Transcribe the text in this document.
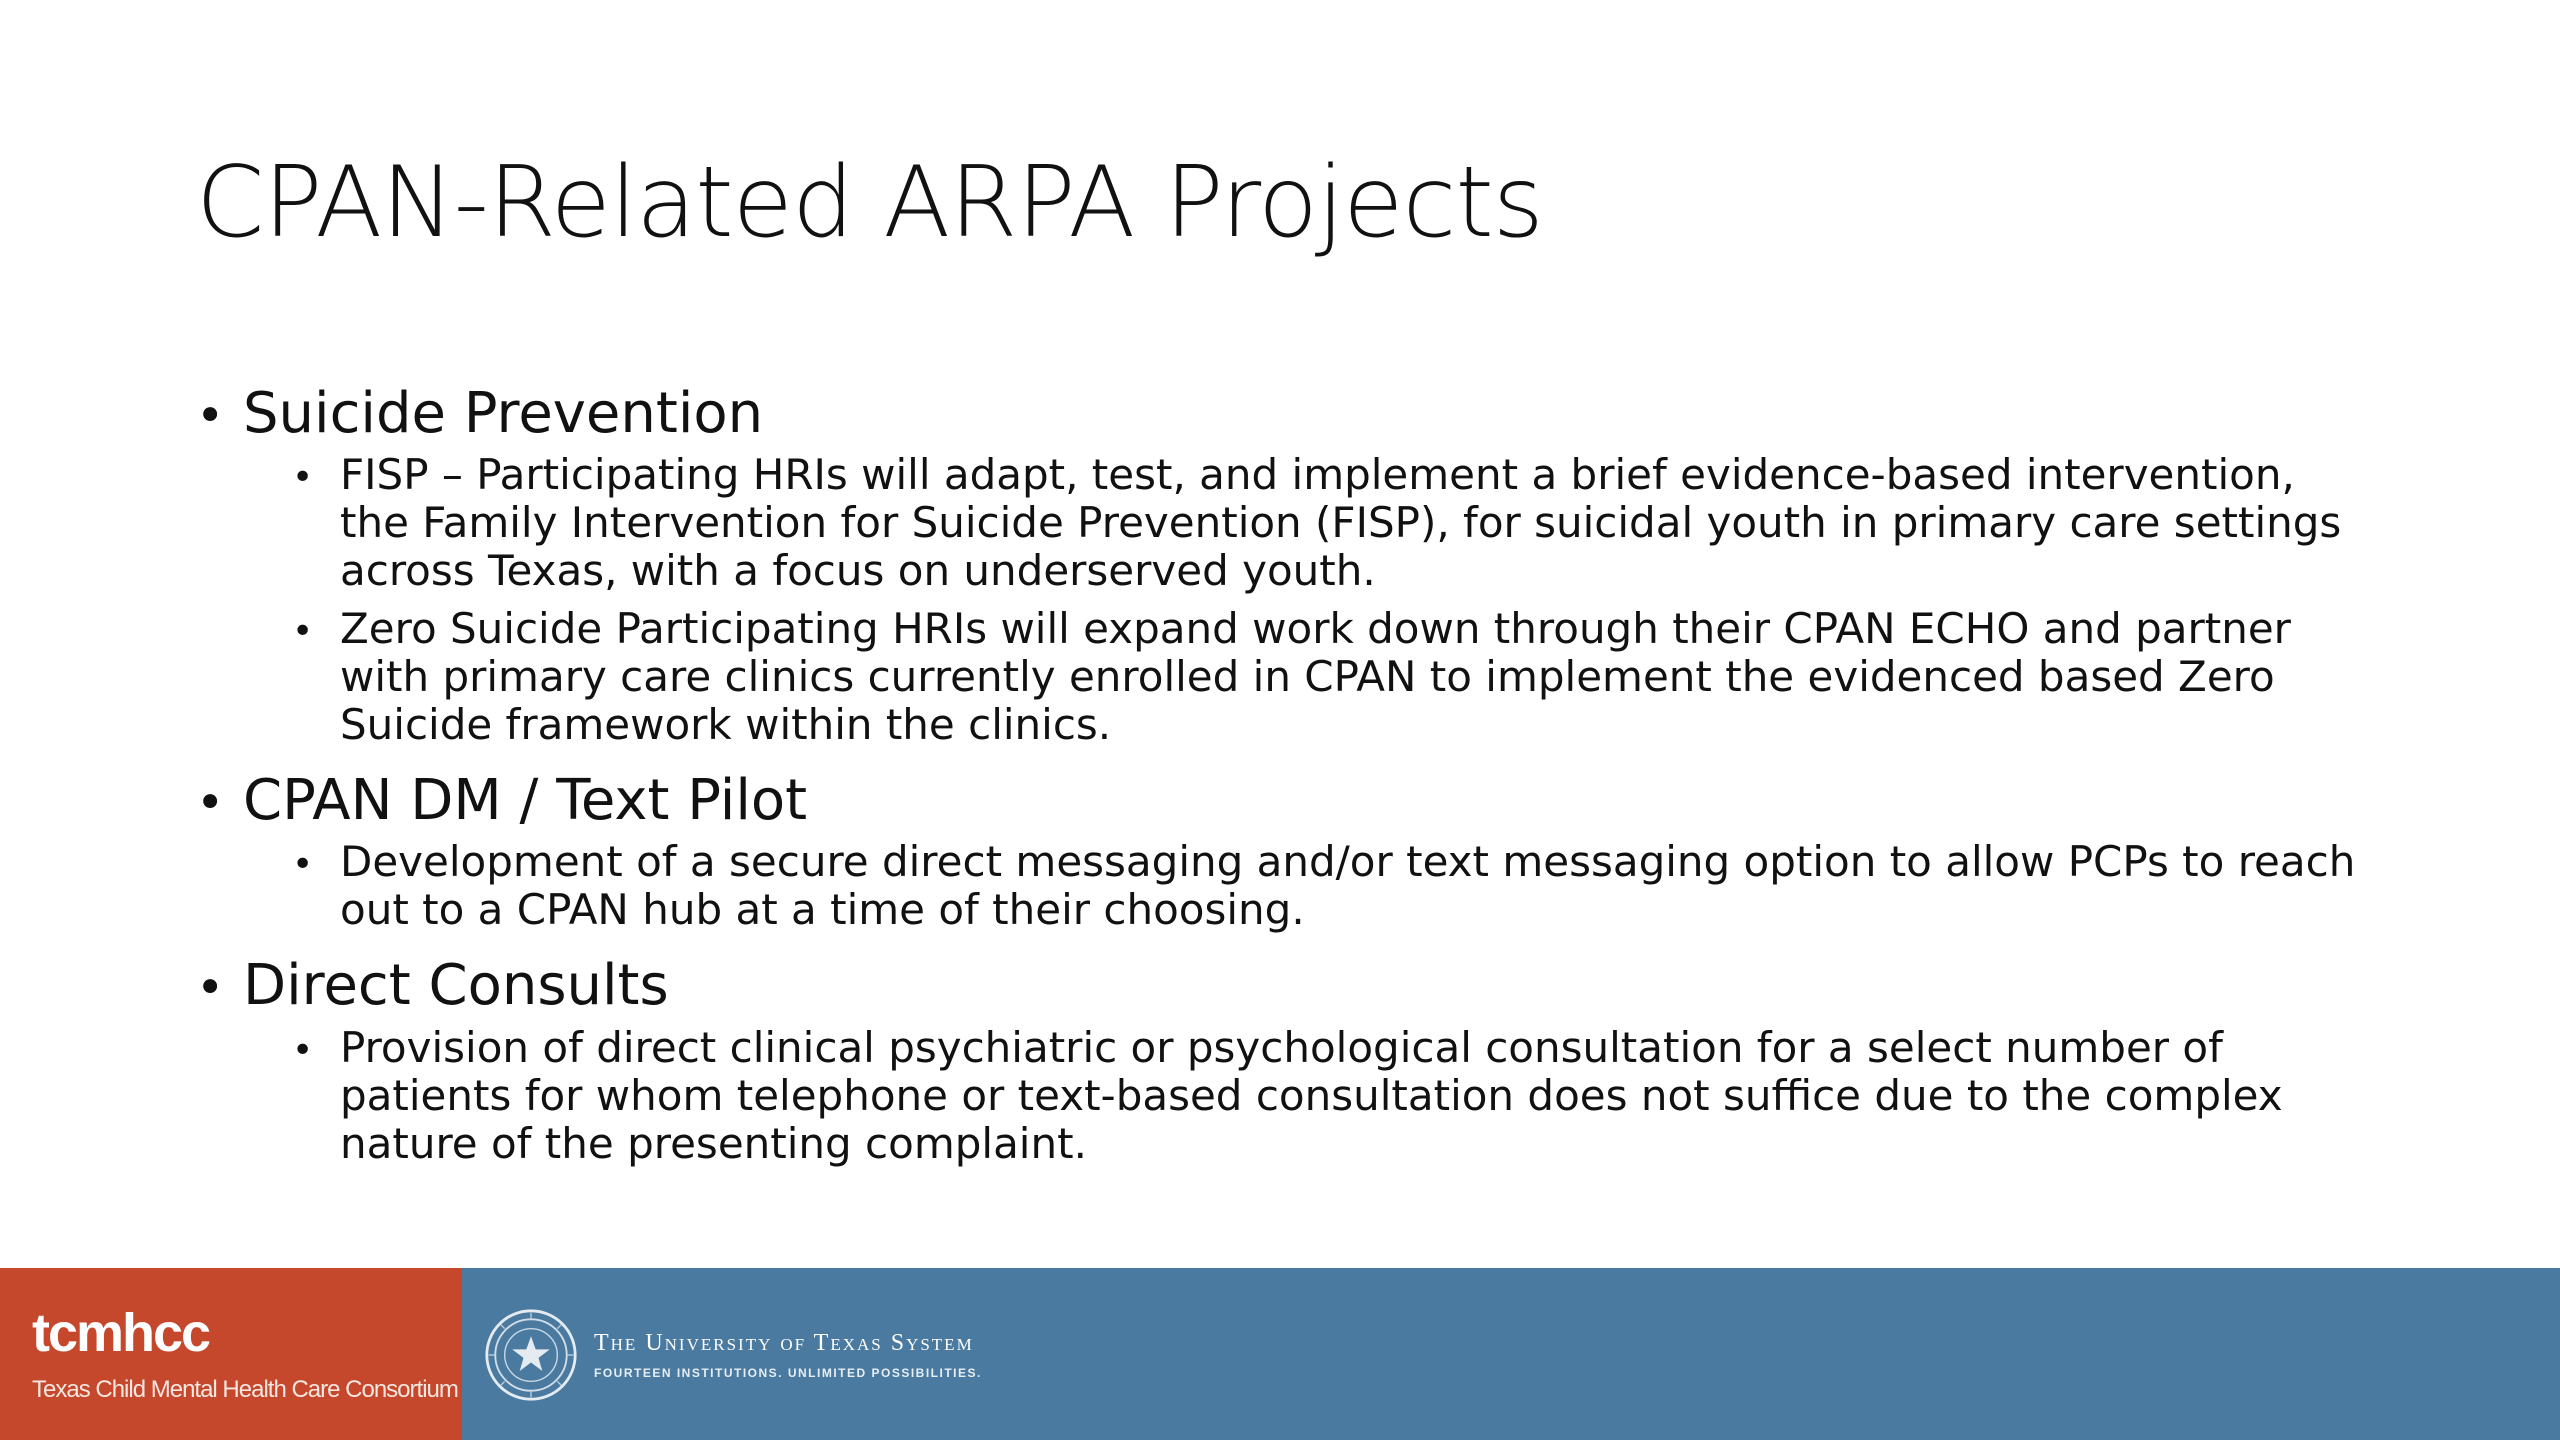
CPAN-Related ARPA Projects
• Suicide Prevention
• FISP – Participating HRIs will adapt, test, and implement a brief evidence-based intervention, the Family Intervention for Suicide Prevention (FISP), for suicidal youth in primary care settings across Texas, with a focus on underserved youth.
• Zero Suicide Participating HRIs will expand work down through their CPAN ECHO and partner with primary care clinics currently enrolled in CPAN to implement the evidenced based Zero Suicide framework within the clinics.
• CPAN DM / Text Pilot
• Development of a secure direct messaging and/or text messaging option to allow PCPs to reach out to a CPAN hub at a time of their choosing.
• Direct Consults
• Provision of direct clinical psychiatric or psychological consultation for a select number of patients for whom telephone or text-based consultation does not suffice due to the complex nature of the presenting complaint.
tcmhcc
Texas Child Mental Health Care Consortium
The University of Texas System
FOURTEEN INSTITUTIONS. UNLIMITED POSSIBILITIES.
